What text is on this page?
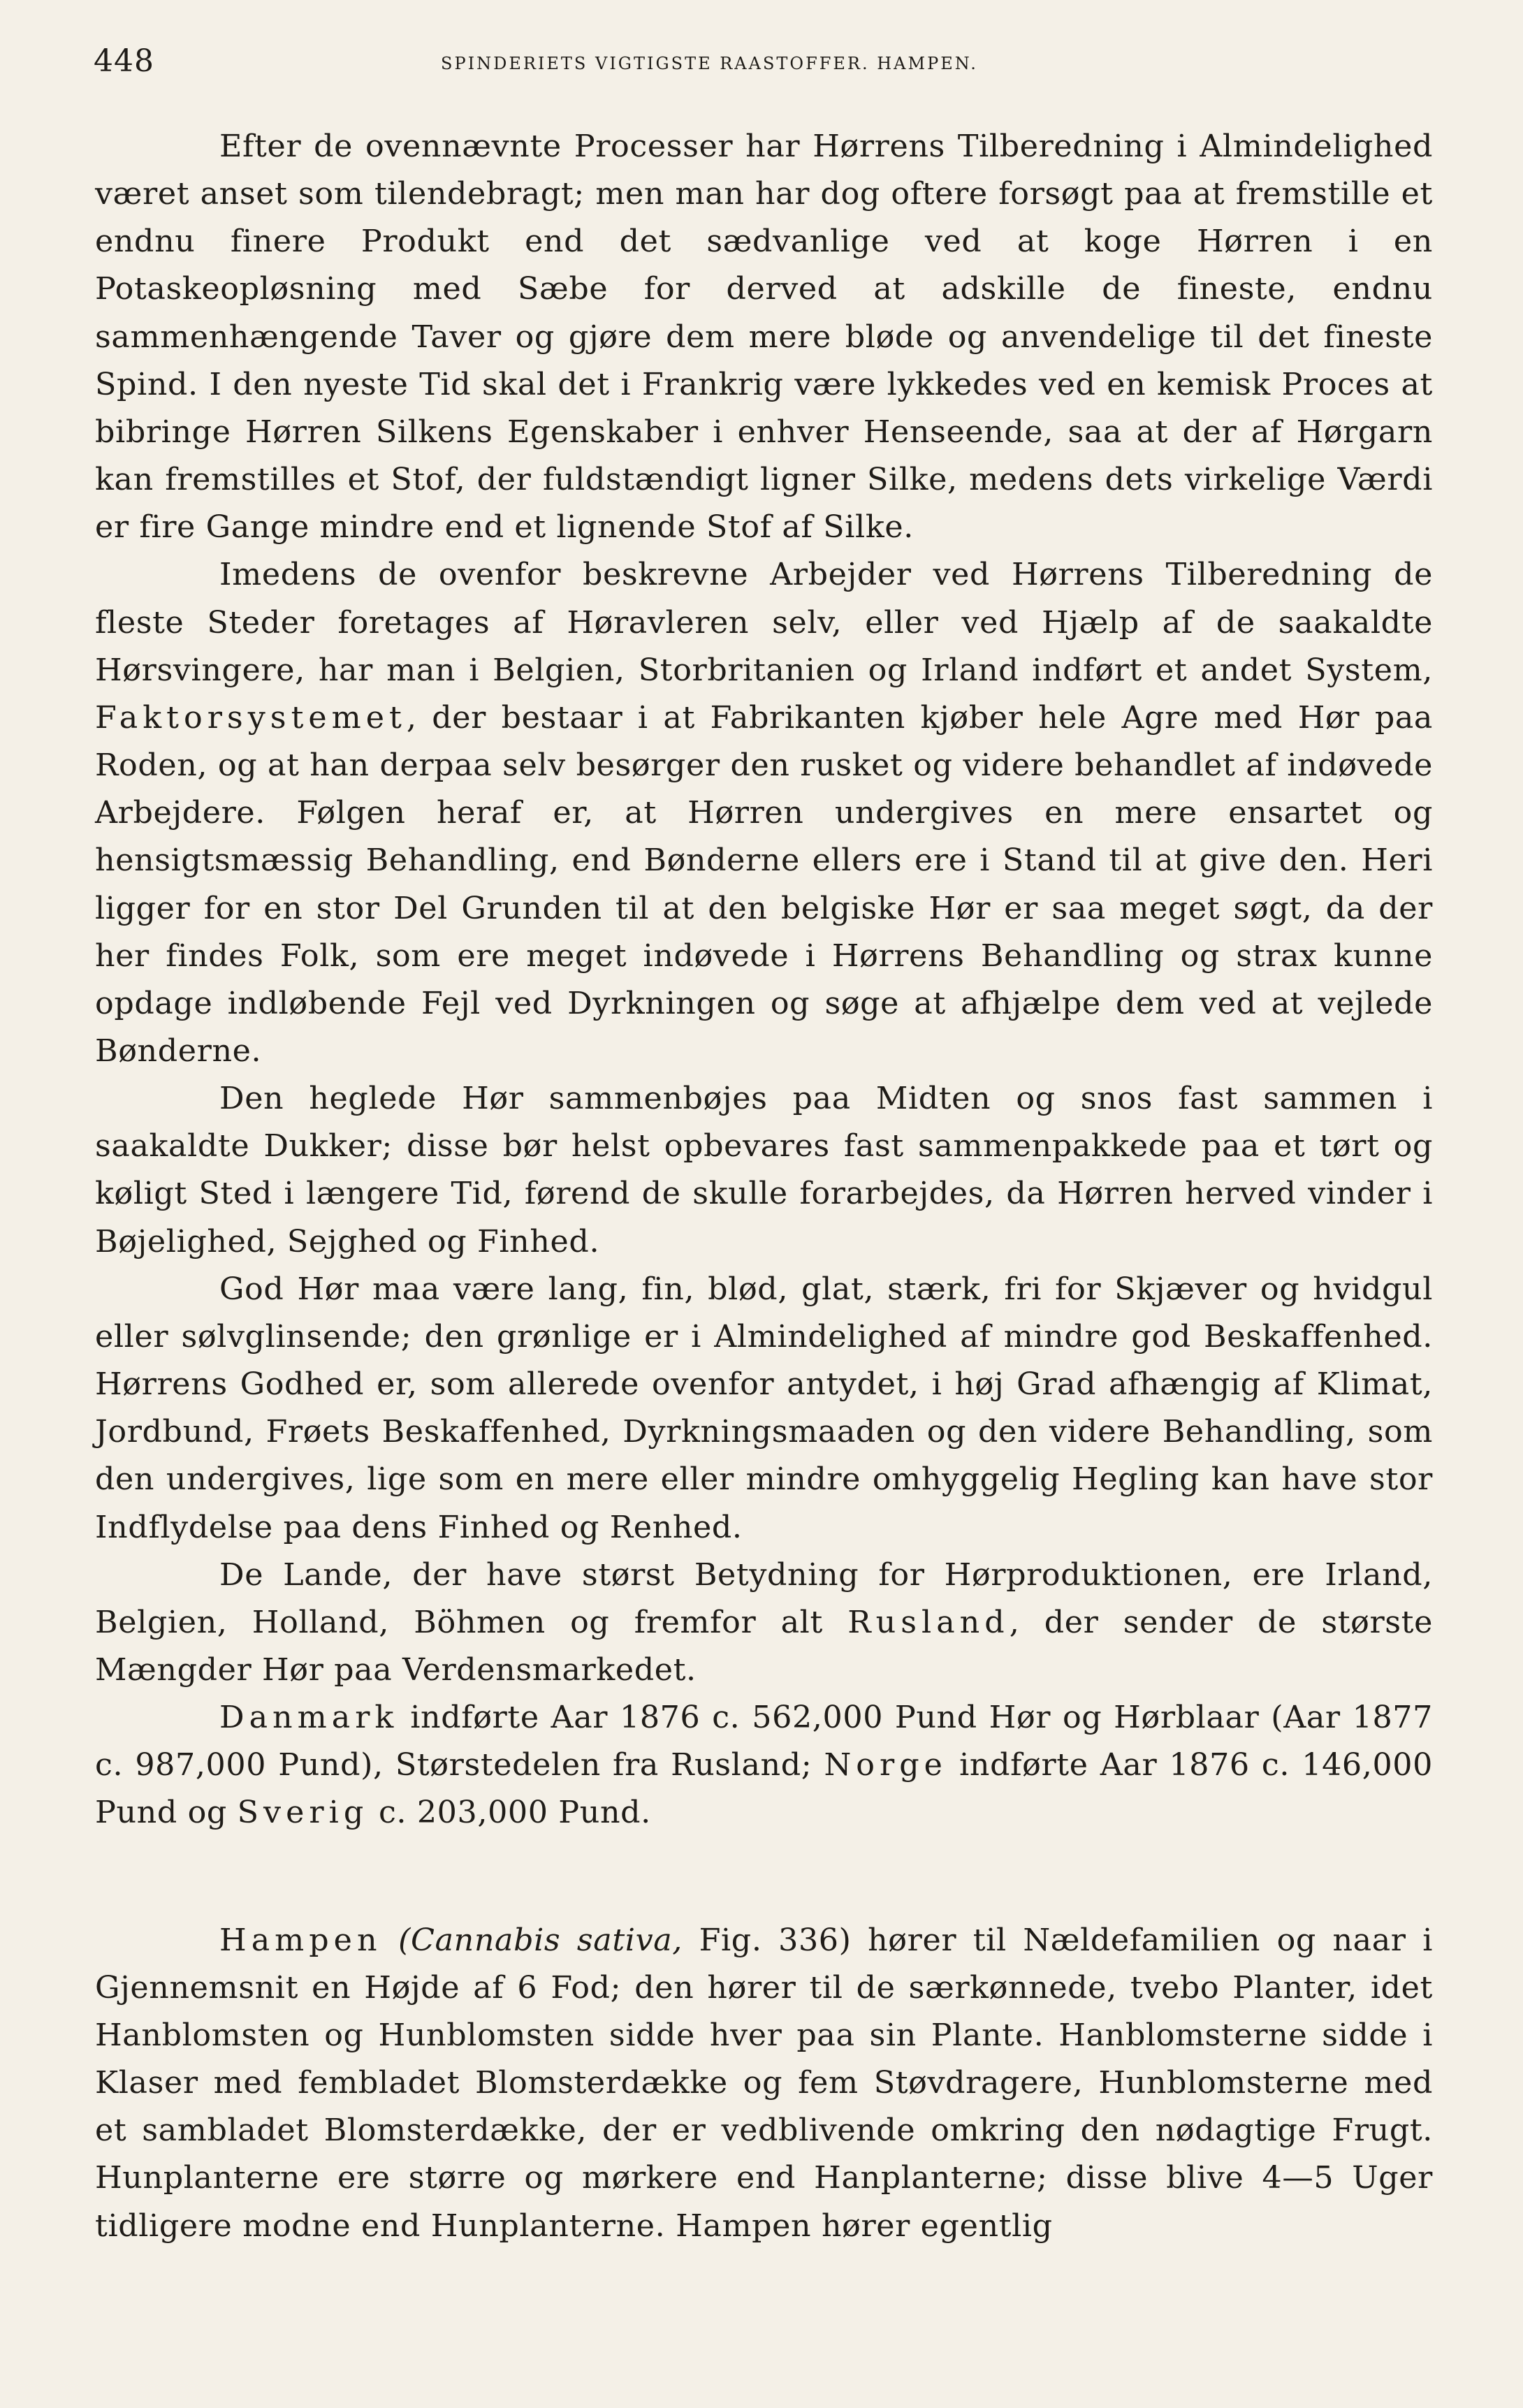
448	SPINDERIETS VIGTIGSTE RAASTOFFER. HAMPEN.

Efter de ovennævnte Processer har Hørrens Tilberedning i Almindelighed været anset som tilendebragt; men man har dog oftere forsøgt paa at fremstille et endnu finere Produkt end det sædvanlige ved at koge Hørren i en Potaskeopløsning med Sæbe for derved at adskille de fineste, endnu sammenhængende Taver og gjøre dem mere bløde og anvendelige til det fineste Spind. I den nyeste Tid skal det i Frankrig være lykkedes ved en kemisk Proces at bibringe Hørren Silkens Egenskaber i enhver Henseende, saa at der af Hørgarn kan fremstilles et Stof, der fuldstændigt ligner Silke, medens dets virkelige Værdi er fire Gange mindre end et lignende Stof af Silke.

Imedens de ovenfor beskrevne Arbejder ved Hørrens Tilberedning de fleste Steder foretages af Høravleren selv, eller ved Hjælp af de saakaldte Hørsvingere, har man i Belgien, Storbritanien og Irland indført et andet System, Faktorsystemet, der bestaar i at Fabrikanten kjøber hele Agre med Hør paa Roden, og at han derpaa selv besørger den rusket og videre behandlet af indøvede Arbejdere. Følgen heraf er, at Hørren undergives en mere ensartet og hensigtsmæssig Behandling, end Bønderne ellers ere i Stand til at give den. Heri ligger for en stor Del Grunden til at den belgiske Hør er saa meget søgt, da der her findes Folk, som ere meget indøvede i Hørrens Behandling og strax kunne opdage indløbende Fejl ved Dyrkningen og søge at afhjælpe dem ved at vejlede Bønderne.

Den heglede Hør sammenbøjes paa Midten og snos fast sammen i saakaldte Dukker; disse bør helst opbevares fast sammenpakkede paa et tørt og køligt Sted i længere Tid, førend de skulle forarbejdes, da Hørren herved vinder i Bøjelighed, Sejghed og Finhed.

God Hør maa være lang, fin, blød, glat, stærk, fri for Skjæver og hvidgul eller sølvglinsende; den grønlige er i Almindelighed af mindre god Beskaffenhed. Hørrens Godhed er, som allerede ovenfor antydet, i høj Grad afhængig af Klimat, Jordbund, Frøets Beskaffenhed, Dyrkningsmaaden og den videre Behandling, som den undergives, lige som en mere eller mindre omhyggelig Hegling kan have stor Indflydelse paa dens Finhed og Renhed.

De Lande, der have størst Betydning for Hørproduktionen, ere Irland, Belgien, Holland, Böhmen og fremfor alt Rusland, der sender de største Mængder Hør paa Verdensmarkedet.

Danmark indførte Aar 1876 c. 562,000 Pund Hør og Hørblaar (Aar 1877 c. 987,000 Pund), Størstedelen fra Rusland; Norge indførte Aar 1876 c. 146,000 Pund og Sverig c. 203,000 Pund.

Hampen (Cannabis sativa, Fig. 336) hører til Nældefamilien og naar i Gjennemsnit en Højde af 6 Fod; den hører til de særkønnede, tvebo Planter, idet Hanblomsten og Hunblomsten sidde hver paa sin Plante. Hanblomsterne sidde i Klaser med fembladet Blomsterdække og fem Støvdragere, Hunblomsterne med et sambladet Blomsterdække, der er vedblivende omkring den nødagtige Frugt. Hunplanterne ere større og mørkere end Hanplanterne; disse blive 4—5 Uger tidligere modne end Hunplanterne. Hampen hører egentlig
